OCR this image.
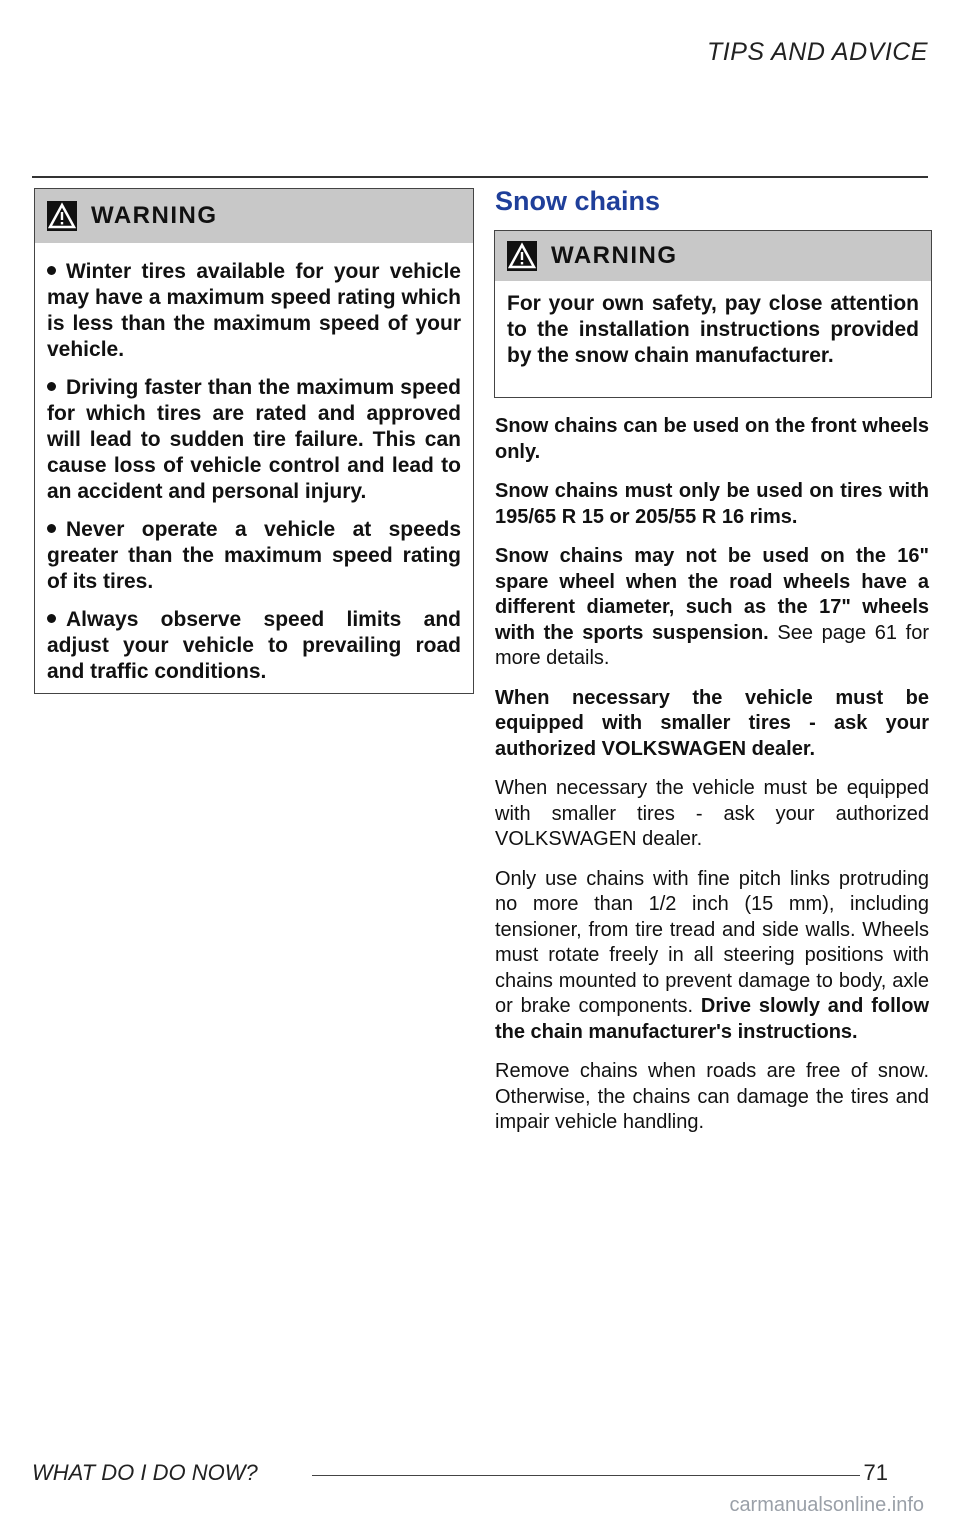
TIPS AND ADVICE
WARNING

Winter tires available for your vehicle may have a maximum speed rating which is less than the maximum speed of your vehicle.

Driving faster than the maximum speed for which tires are rated and approved will lead to sudden tire failure. This can cause loss of vehicle control and lead to an accident and personal injury.

Never operate a vehicle at speeds greater than the maximum speed rating of its tires.

Always observe speed limits and adjust your vehicle to prevailing road and traffic conditions.

Snow chains
WARNING

For your own safety, pay close attention to the installation instructions provided by the snow chain manufacturer.

Snow chains can be used on the front wheels only.

Snow chains must only be used on tires with 195/65 R 15 or 205/55 R 16 rims.

Snow chains may not be used on the 16" spare wheel when the road wheels have a different diameter, such as the 17" wheels with the sports suspension. See page 61 for more details.

When necessary the vehicle must be equipped with smaller tires - ask your authorized VOLKSWAGEN dealer.

When necessary the vehicle must be equipped with smaller tires - ask your authorized VOLKSWAGEN dealer.

Only use chains with fine pitch links protruding no more than 1/2 inch (15 mm), including tensioner, from tire tread and side walls. Wheels must rotate freely in all steering positions with chains mounted to prevent damage to body, axle or brake components. Drive slowly and follow the chain manufacturer's instructions.

Remove chains when roads are free of snow. Otherwise, the chains can damage the tires and impair vehicle handling.

WHAT DO I DO NOW?	71
carmanualsonline.info
